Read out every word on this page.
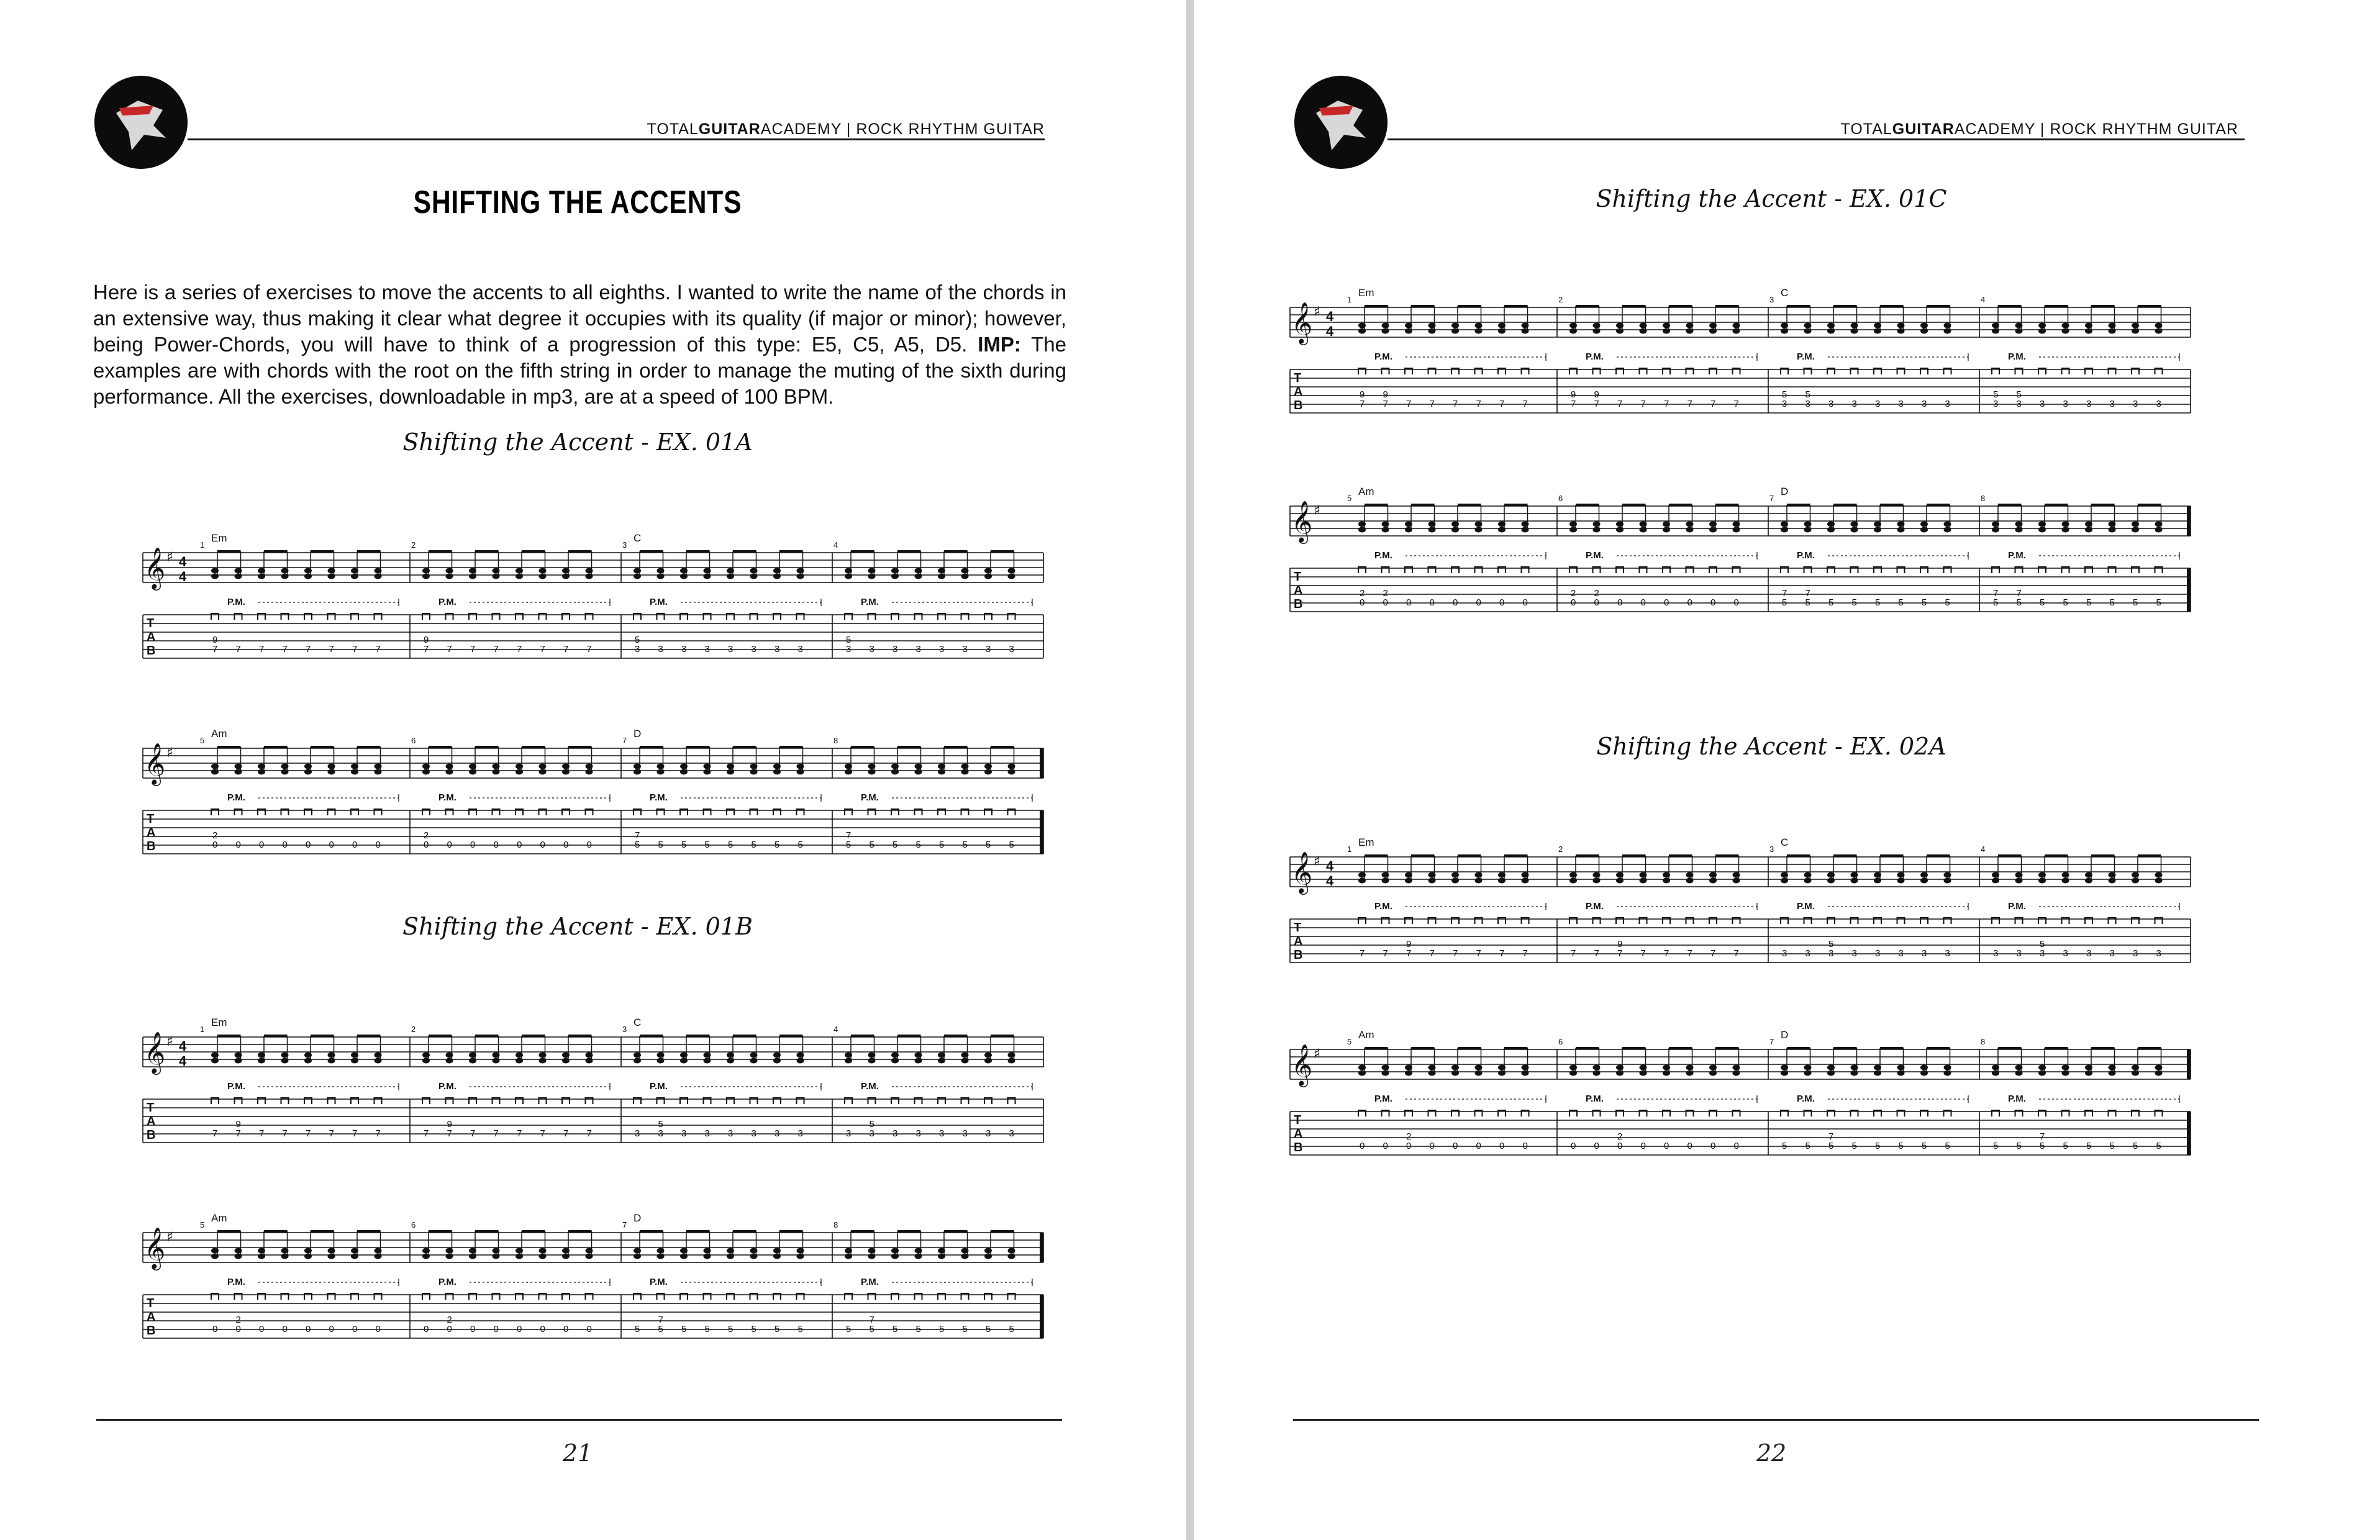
TOTALGUITARACADEMY | ROCK RHYTHM GUITAR
SHIFTING THE ACCENTS
Here is a series of exercises to move the accents to all eighths. I wanted to write the name of the chords in an extensive way, thus making it clear what degree it occupies with its quality (if major or minor); however, being Power-Chords, you will have to think of a progression of this type: E5, C5, A5, D5. IMP: The examples are with chords with the root on the fifth string in order to manage the muting of the sixth during performance. All the exercises, downloadable in mp3, are at a speed of 100 BPM.
Shifting the Accent - EX. 01A
𝄞 ♯ 4
4
T
A
B
1
Em
9
7 7 7 7 7 7 7 7
P.M.
2
9
7 7 7 7 7 7 7 7
P.M.
3
C
5
3 3 3 3 3 3 3 3
P.M.
4
5
3 3 3 3 3 3 3 3
P.M.
𝄞 ♯
T
A
B
5
Am
2
0 0 0 0 0 0 0 0
P.M.
6
2
0 0 0 0 0 0 0 0
P.M.
7
D
7
5 5 5 5 5 5 5 5
P.M.
8
7
5 5 5 5 5 5 5 5
P.M.
Shifting the Accent - EX. 01B
𝄞 ♯ 4
4
T
A
B
1
Em
7
9
7 7 7 7 7 7 7
P.M.
2
7
9
7 7 7 7 7 7 7
P.M.
3
C
3
5
3 3 3 3 3 3 3
P.M.
4
3
5
3 3 3 3 3 3 3
P.M.
𝄞 ♯
T
A
B
5
Am
0
2
0 0 0 0 0 0 0
P.M.
6
0
2
0 0 0 0 0 0 0
P.M.
7
D
5
7
5 5 5 5 5 5 5
P.M.
8
5
7
5 5 5 5 5 5 5
P.M.
21
TOTALGUITARACADEMY | ROCK RHYTHM GUITAR
Shifting the Accent - EX. 01C
𝄞 ♯ 4
4
T
A
B
1
Em
9
7
9
7 7 7 7 7 7 7
P.M.
2
9
7
9
7 7 7 7 7 7 7
P.M.
3
C
5
3
5
3 3 3 3 3 3 3
P.M.
4
5
3
5
3 3 3 3 3 3 3
P.M.
𝄞 ♯
T
A
B
5
Am
2
0
2
0 0 0 0 0 0 0
P.M.
6
2
0
2
0 0 0 0 0 0 0
P.M.
7
D
7
5
7
5 5 5 5 5 5 5
P.M.
8
7
5
7
5 5 5 5 5 5 5
P.M.
Shifting the Accent - EX. 02A
𝄞 ♯ 4
4
T
A
B
1
Em
7 7
9
7 7 7 7 7 7
P.M.
2
7 7
9
7 7 7 7 7 7
P.M.
3
C
3 3
5
3 3 3 3 3 3
P.M.
4
3 3
5
3 3 3 3 3 3
P.M.
𝄞 ♯
T
A
B
5
Am
0 0
2
0 0 0 0 0 0
P.M.
6
0 0
2
0 0 0 0 0 0
P.M.
7
D
5 5
7
5 5 5 5 5 5
P.M.
8
5 5
7
5 5 5 5 5 5
P.M.
22
